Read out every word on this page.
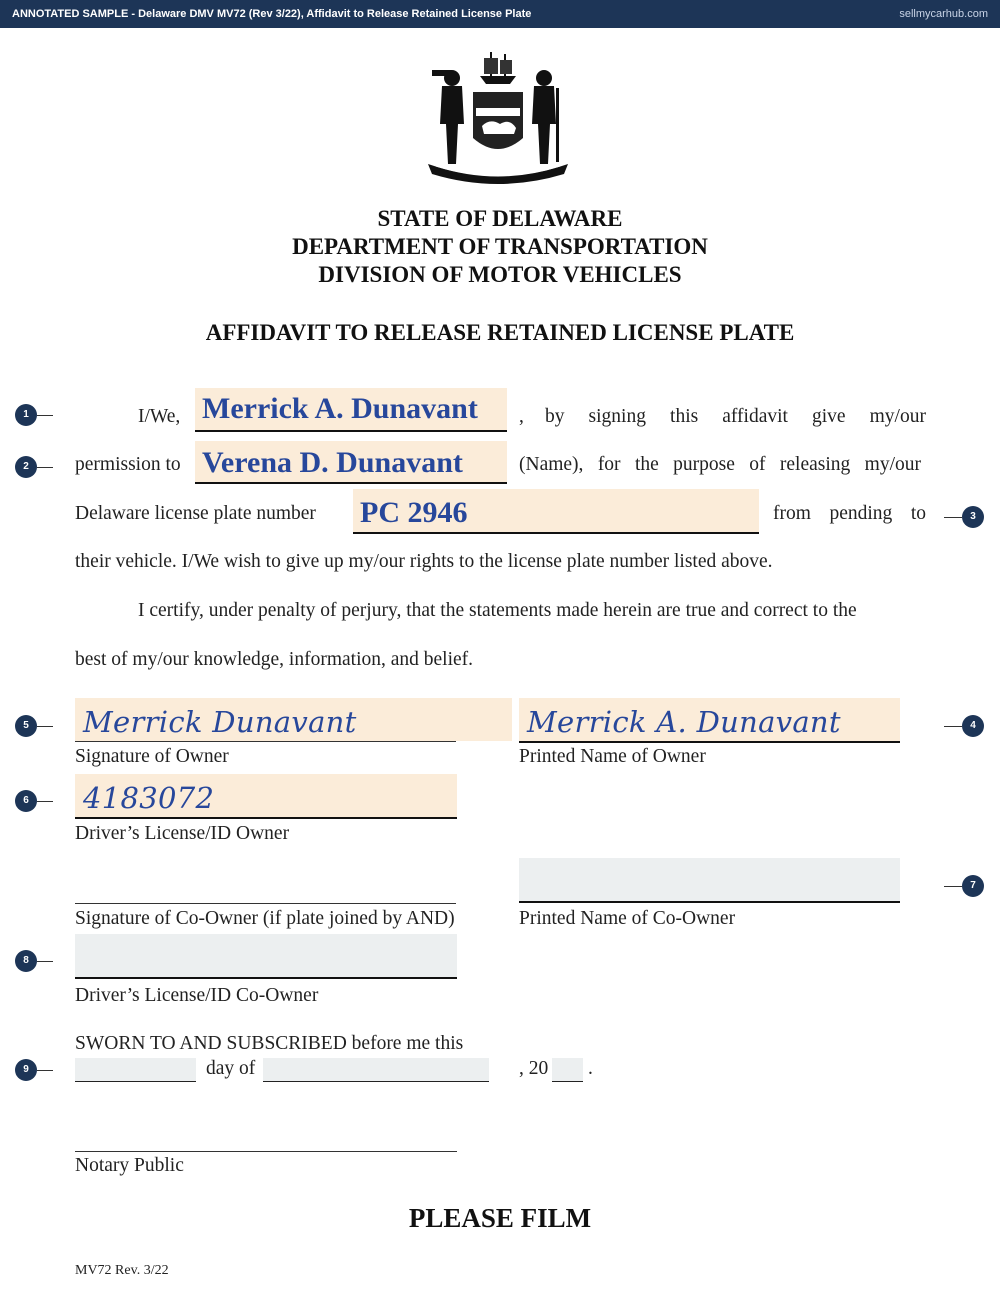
ANNOTATED SAMPLE - Delaware DMV MV72 (Rev 3/22), Affidavit to Release Retained License Plate	sellmycarhub.com
STATE OF DELAWARE
DEPARTMENT OF TRANSPORTATION
DIVISION OF MOTOR VEHICLES
AFFIDAVIT TO RELEASE RETAINED LICENSE PLATE
1
2
3
4
5
6
7
8
9
I/We, Merrick A. Dunavant , by signing this affidavit give my/our
permission to Verena D. Dunavant	(Name), for the purpose of releasing my/our
Delaware license plate number PC 2946	from pending to
their vehicle. I/We wish to give up my/our rights to the license plate number listed above.
I certify, under penalty of perjury, that the statements made herein are true and correct to the
best of my/our knowledge, information, and belief.
Merrick Dunavant
Signature of Owner
Merrick A. Dunavant
Printed Name of Owner
4183072
Driver’s License/ID Owner
Signature of Co-Owner (if plate joined by AND)	Printed Name of Co-Owner
Driver’s License/ID Co-Owner
SWORN TO AND SUBSCRIBED before me this
day of	, 20 .
Notary Public
PLEASE FILM
MV72 Rev. 3/22
